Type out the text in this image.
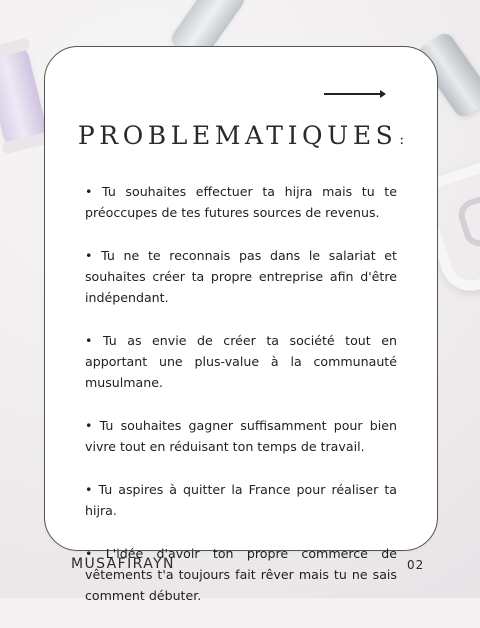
PROBLEMATIQUES :
• Tu souhaites effectuer ta hijra mais tu te préoccupes de tes futures sources de revenus.
• Tu ne te reconnais pas dans le salariat et souhaites créer ta propre entreprise afin d'être indépendant.
• Tu as envie de créer ta société tout en apportant une plus-value à la communauté musulmane.
• Tu souhaites gagner suffisamment pour bien vivre tout en réduisant ton temps de travail.
• Tu aspires à quitter la France pour réaliser ta hijra.
• L'idée d'avoir ton propre commerce de vêtements t'a toujours fait rêver mais tu ne sais comment débuter.
MUSAFIRAYN	02
